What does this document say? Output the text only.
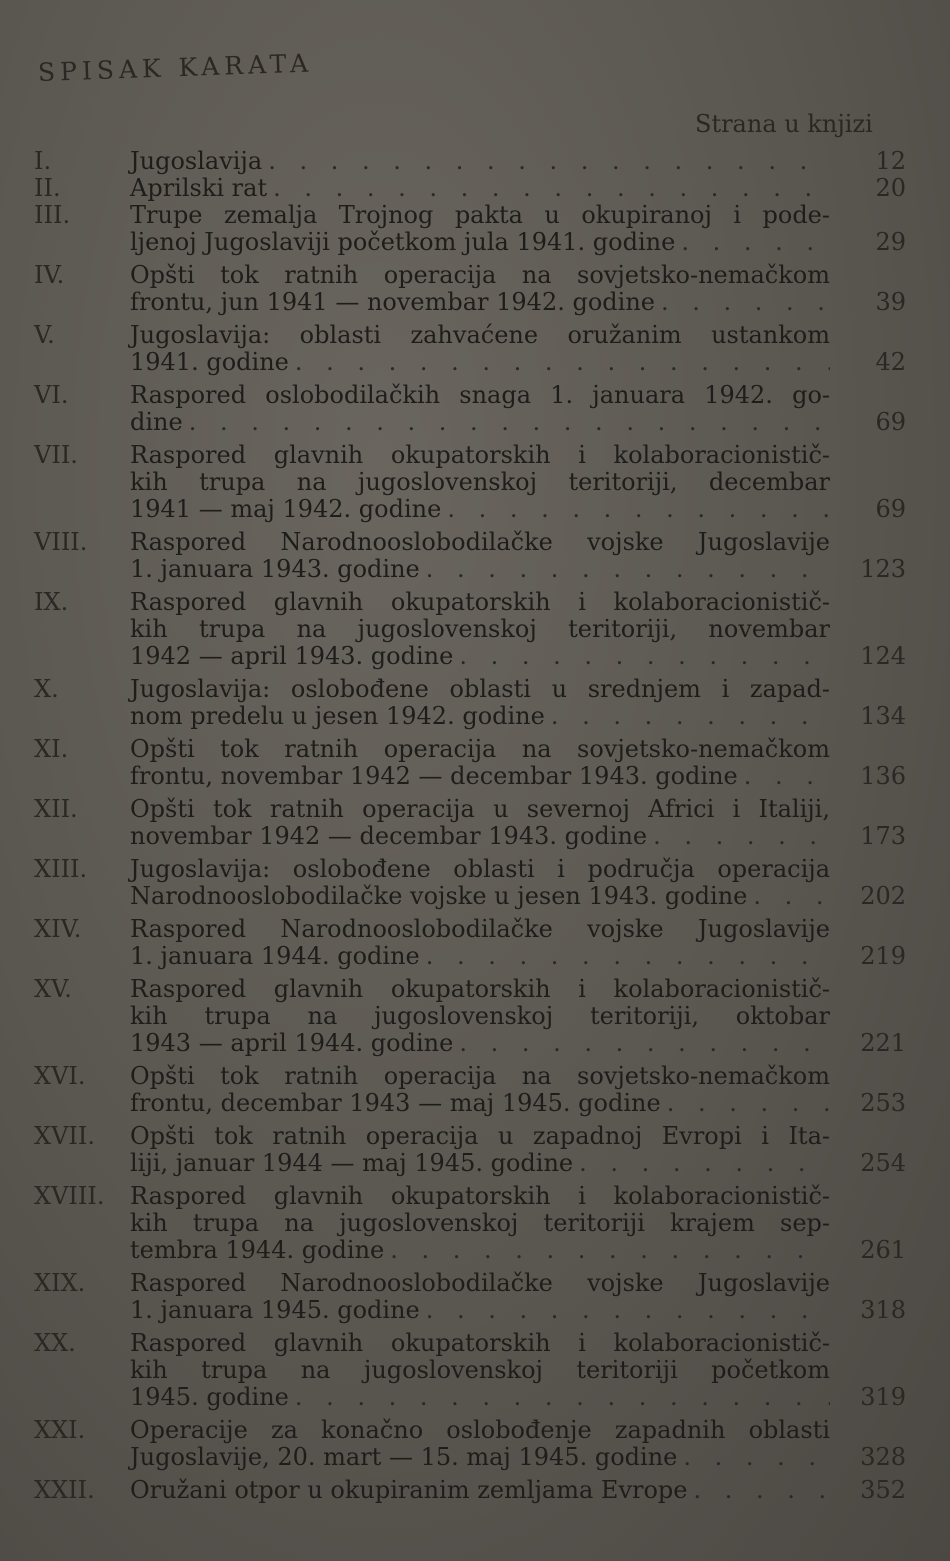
SPISAK KARATA
Strana u knjizi
I.	Jugoslavija . . .	12
II.	Aprilski rat . . .	20
III.	Trupe zemalja Trojnog pakta u okupiranoj i pode-
ljenoj Jugoslaviji početkom jula 1941. godine . . .	29
IV.	Opšti tok ratnih operacija na sovjetsko-nemačkom
frontu, jun 1941 — novembar 1942. godine . . .	39
V.	Jugoslavija: oblasti zahvaćene oružanim ustankom
1941. godine . . .	42
VI.	Raspored oslobodilačkih snaga 1. januara 1942. go-
dine . . .	69
VII.	Raspored glavnih okupatorskih i kolaboracionistič-
kih trupa na jugoslovenskoj teritoriji, decembar
1941 — maj 1942. godine . . .	69
VIII.	Raspored Narodnooslobodilačke vojske Jugoslavije
1. januara 1943. godine . . .	123
IX.	Raspored glavnih okupatorskih i kolaboracionistič-
kih trupa na jugoslovenskoj teritoriji, novembar
1942 — april 1943. godine . . .	124
X.	Jugoslavija: oslobođene oblasti u srednjem i zapad-
nom predelu u jesen 1942. godine . . .	134
XI.	Opšti tok ratnih operacija na sovjetsko-nemačkom
frontu, novembar 1942 — decembar 1943. godine . . .	136
XII.	Opšti tok ratnih operacija u severnoj Africi i Italiji,
novembar 1942 — decembar 1943. godine . . .	173
XIII.	Jugoslavija: oslobođene oblasti i područja operacija
Narodnooslobodilačke vojske u jesen 1943. godine . . .	202
XIV.	Raspored Narodnooslobodilačke vojske Jugoslavije
1. januara 1944. godine . . .	219
XV.	Raspored glavnih okupatorskih i kolaboracionistič-
kih trupa na jugoslovenskoj teritoriji, oktobar
1943 — april 1944. godine . . .	221
XVI.	Opšti tok ratnih operacija na sovjetsko-nemačkom
frontu, decembar 1943 — maj 1945. godine . . .	253
XVII.	Opšti tok ratnih operacija u zapadnoj Evropi i Ita-
liji, januar 1944 — maj 1945. godine . . .	254
XVIII.	Raspored glavnih okupatorskih i kolaboracionistič-
kih trupa na jugoslovenskoj teritoriji krajem sep-
tembra 1944. godine . . .	261
XIX.	Raspored Narodnooslobodilačke vojske Jugoslavije
1. januara 1945. godine . . .	318
XX.	Raspored glavnih okupatorskih i kolaboracionistič-
kih trupa na jugoslovenskoj teritoriji početkom
1945. godine . . .	319
XXI.	Operacije za konačno oslobođenje zapadnih oblasti
Jugoslavije, 20. mart — 15. maj 1945. godine . . .	328
XXII.	Oružani otpor u okupiranim zemljama Evrope . . .	352
